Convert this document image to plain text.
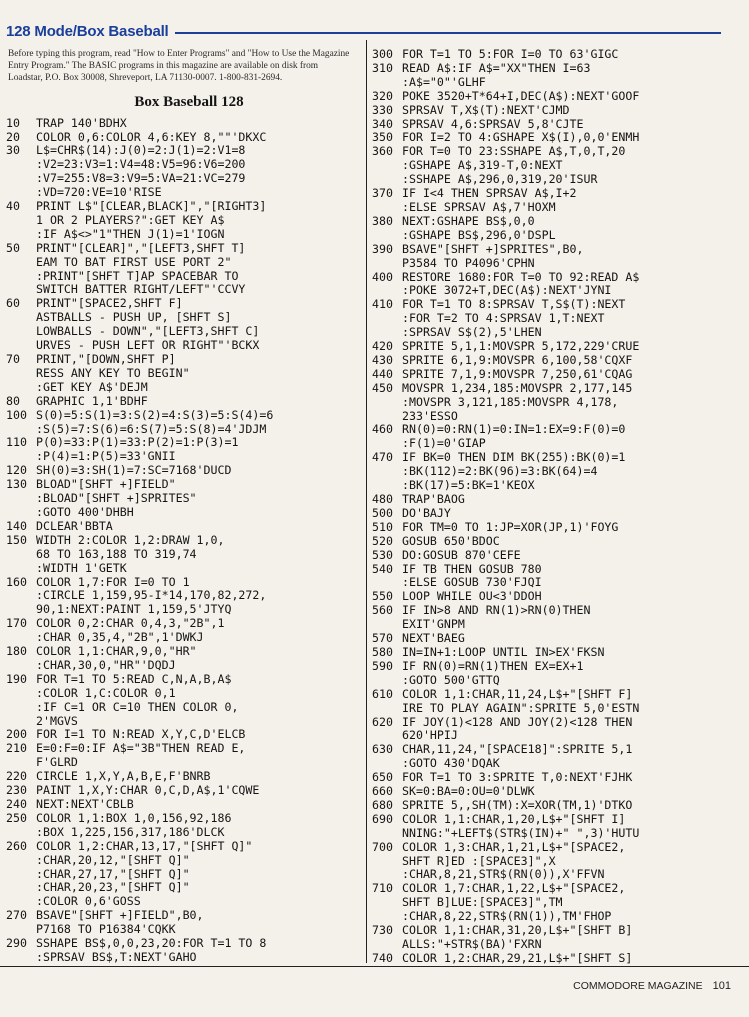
128 Mode/Box Baseball

Before typing this program, read "How to Enter Programs" and "How to Use the Magazine Entry Program." The BASIC programs in this magazine are available on disk from Loadstar, P.O. Box 30008, Shreveport, LA 71130-0007. 1-800-831-2694.

Box Baseball 128
10	TRAP 140'BDHX
20	COLOR 0,6:COLOR 4,6:KEY 8,""'DKXC
30	L$=CHR$(14):J(0)=2:J(1)=2:V1=8
:V2=23:V3=1:V4=48:V5=96:V6=200
:V7=255:V8=3:V9=5:VA=21:VC=279
:VD=720:VE=10'RISE
40	PRINT L$"[CLEAR,BLACK]","[RIGHT3]
1 OR 2 PLAYERS?":GET KEY A$
:IF A$<>"1"THEN J(1)=1'IOGN
50	PRINT"[CLEAR]","[LEFT3,SHFT T]
EAM TO BAT FIRST USE PORT 2"
:PRINT"[SHFT T]AP SPACEBAR TO
SWITCH BATTER RIGHT/LEFT"'CCVY
60	PRINT"[SPACE2,SHFT F]
ASTBALLS - PUSH UP, [SHFT S]
LOWBALLS - DOWN","[LEFT3,SHFT C]
URVES - PUSH LEFT OR RIGHT"'BCKX
70	PRINT,"[DOWN,SHFT P]
RESS ANY KEY TO BEGIN"
:GET KEY A$'DEJM
80	GRAPHIC 1,1'BDHF
100 S(0)=5:S(1)=3:S(2)=4:S(3)=5:S(4)=6
:S(5)=7:S(6)=6:S(7)=5:S(8)=4'JDJM
110 P(0)=33:P(1)=33:P(2)=1:P(3)=1
:P(4)=1:P(5)=33'GNII
120 SH(0)=3:SH(1)=7:SC=7168'DUCD
130 BLOAD"[SHFT +]FIELD"
:BLOAD"[SHFT +]SPRITES"
:GOTO 400'DHBH
140 DCLEAR'BBTA
150 WIDTH 2:COLOR 1,2:DRAW 1,0,
68 TO 163,188 TO 319,74
:WIDTH 1'GETK
160 COLOR 1,7:FOR I=0 TO 1
:CIRCLE 1,159,95-I*14,170,82,272,
90,1:NEXT:PAINT 1,159,5'JTYQ
170 COLOR 0,2:CHAR 0,4,3,"2B",1
:CHAR 0,35,4,"2B",1'DWKJ
180 COLOR 1,1:CHAR,9,0,"HR"
:CHAR,30,0,"HR"'DQDJ
190 FOR T=1 TO 5:READ C,N,A,B,A$
:COLOR 1,C:COLOR 0,1
:IF C=1 OR C=10 THEN COLOR 0,
2'MGVS
200 FOR I=1 TO N:READ X,Y,C,D'ELCB
210 E=0:F=0:IF A$="3B"THEN READ E,
F'GLRD
220 CIRCLE 1,X,Y,A,B,E,F'BNRB
230 PAINT 1,X,Y:CHAR 0,C,D,A$,1'CQWE
240 NEXT:NEXT'CBLB
250 COLOR 1,1:BOX 1,0,156,92,186
:BOX 1,225,156,317,186'DLCK
260 COLOR 1,2:CHAR,13,17,"[SHFT Q]"
:CHAR,20,12,"[SHFT Q]"
:CHAR,27,17,"[SHFT Q]"
:CHAR,20,23,"[SHFT Q]"
:COLOR 0,6'GOSS
270 BSAVE"[SHFT +]FIELD",B0,
P7168 TO P16384'CQKK
290 SSHAPE BS$,0,0,23,20:FOR T=1 TO 8
:SPRSAV BS$,T:NEXT'GAHO
300 FOR T=1 TO 5:FOR I=0 TO 63'GIGC
310 READ A$:IF A$="XX"THEN I=63
:A$="0"'GLHF
320 POKE 3520+T*64+I,DEC(A$):NEXT'GOOF
330 SPRSAV T,X$(T):NEXT'CJMD
340 SPRSAV 4,6:SPRSAV 5,8'CJTE
350 FOR I=2 TO 4:GSHAPE X$(I),0,0'ENMH
360 FOR T=0 TO 23:SSHAPE A$,T,0,T,20
:GSHAPE A$,319-T,0:NEXT
:SSHAPE A$,296,0,319,20'ISUR
370 IF I<4 THEN SPRSAV A$,I+2
:ELSE SPRSAV A$,7'HOXM
380 NEXT:GSHAPE BS$,0,0
:GSHAPE BS$,296,0'DSPL
390 BSAVE"[SHFT +]SPRITES",B0,
P3584 TO P4096'CPHN
400 RESTORE 1680:FOR T=0 TO 92:READ A$
:POKE 3072+T,DEC(A$):NEXT'JYNI
410 FOR T=1 TO 8:SPRSAV T,S$(T):NEXT
:FOR T=2 TO 4:SPRSAV 1,T:NEXT
:SPRSAV S$(2),5'LHEN
420 SPRITE 5,1,1:MOVSPR 5,172,229'CRUE
430 SPRITE 6,1,9:MOVSPR 6,100,58'CQXF
440 SPRITE 7,1,9:MOVSPR 7,250,61'CQAG
450 MOVSPR 1,234,185:MOVSPR 2,177,145
:MOVSPR 3,121,185:MOVSPR 4,178,
233'ESSO
460 RN(0)=0:RN(1)=0:IN=1:EX=9:F(0)=0
:F(1)=0'GIAP
470 IF BK=0 THEN DIM BK(255):BK(0)=1
:BK(112)=2:BK(96)=3:BK(64)=4
:BK(17)=5:BK=1'KEOX
480 TRAP'BAOG
500 DO'BAJY
510 FOR TM=0 TO 1:JP=XOR(JP,1)'FOYG
520 GOSUB 650'BDOC
530 DO:GOSUB 870'CEFE
540 IF TB THEN GOSUB 780
:ELSE GOSUB 730'FJQI
550 LOOP WHILE OU<3'DDOH
560 IF IN>8 AND RN(1)>RN(0)THEN
EXIT'GNPM
570 NEXT'BAEG
580 IN=IN+1:LOOP UNTIL IN>EX'FKSN
590 IF RN(0)=RN(1)THEN EX=EX+1
:GOTO 500'GTTQ
610 COLOR 1,1:CHAR,11,24,L$+"[SHFT F]
IRE TO PLAY AGAIN":SPRITE 5,0'ESTN
620 IF JOY(1)<128 AND JOY(2)<128 THEN
620'HPIJ
630 CHAR,11,24,"[SPACE18]":SPRITE 5,1
:GOTO 430'DQAK
650 FOR T=1 TO 3:SPRITE T,0:NEXT'FJHK
660 SK=0:BA=0:OU=0'DLWK
680 SPRITE 5,,SH(TM):X=XOR(TM,1)'DTKO
690 COLOR 1,1:CHAR,1,20,L$+"[SHFT I]
NNING:"+LEFT$(STR$(IN)+" ",3)'HUTU
700 COLOR 1,3:CHAR,1,21,L$+"[SPACE2,
SHFT R]ED :[SPACE3]",X
:CHAR,8,21,STR$(RN(0)),X'FFVN
710 COLOR 1,7:CHAR,1,22,L$+"[SPACE2,
SHFT B]LUE:[SPACE3]",TM
:CHAR,8,22,STR$(RN(1)),TM'FHOP
730 COLOR 1,1:CHAR,31,20,L$+"[SHFT B]
ALLS:"+STR$(BA)'FXRN
740 COLOR 1,2:CHAR,29,21,L$+"[SHFT S]
COMMODORE MAGAZINE 101
